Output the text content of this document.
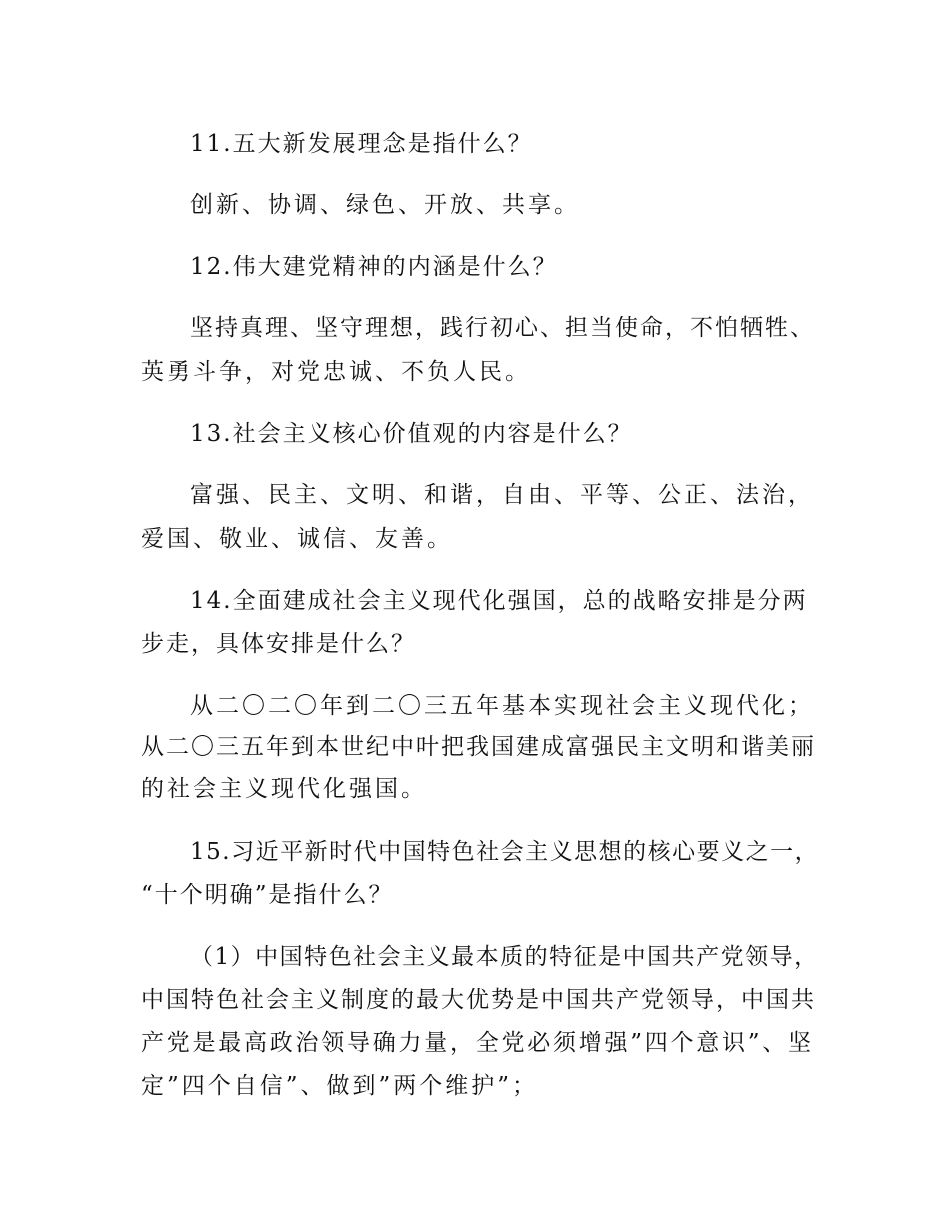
11.五大新发展理念是指什么？

创新、协调、绿色、开放、共享。

12.伟大建党精神的内涵是什么？

坚持真理、坚守理想，践行初心、担当使命，不怕牺牲、

英勇斗争，对党忠诚、不负人民。

13.社会主义核心价值观的内容是什么？

富强、民主、文明、和谐，自由、平等、公正、法治，

爱国、敬业、诚信、友善。

14.全面建成社会主义现代化强国，总的战略安排是分两

步走，具体安排是什么？

从二〇二〇年到二〇三五年基本实现社会主义现代化；

从二〇三五年到本世纪中叶把我国建成富强民主文明和谐美丽

的社会主义现代化强国。

15.习近平新时代中国特色社会主义思想的核心要义之一，

“十个明确”是指什么？

（1）中国特色社会主义最本质的特征是中国共产党领导，

中国特色社会主义制度的最大优势是中国共产党领导，中国共

产党是最高政治领导确力量，全党必须增强”四个意识”、坚

定”四个自信”、做到”两个维护”；
